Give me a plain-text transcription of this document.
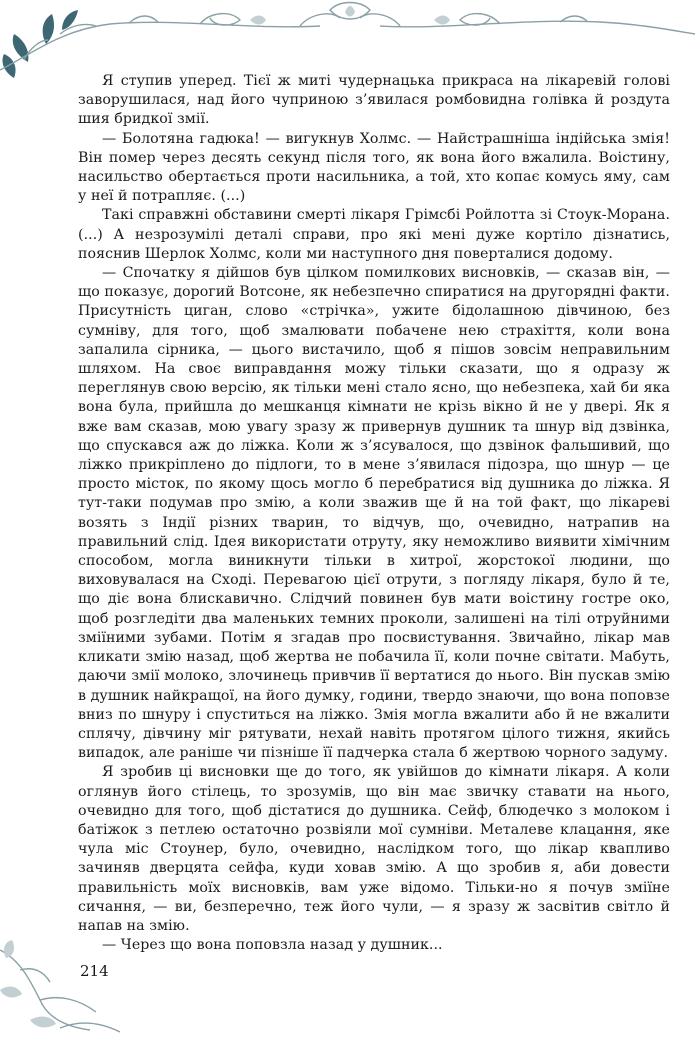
Я ступив уперед. Тієї ж миті чудернацька прикраса на лікаревій голові заворушилася, над його чуприною з’явилася ромбовидна голівка й роздута шия бридкої змії.

— Болотяна гадюка! — вигукнув Холмс. — Найстрашніша індійська змія! Він помер через десять секунд після того, як вона його вжалила. Воістину, насильство обертається проти насильника, а той, хто копає комусь яму, сам у неї й потрапляє. (...)

Такі справжні обставини смерті лікаря Грімсбі Ройлотта зі Стоук-Морана. (...) А незрозумілі деталі справи, про які мені дуже кортіло дізнатись, пояснив Шерлок Холмс, коли ми наступного дня поверталися додому.

— Спочатку я дійшов був цілком помилкових висновків, — сказав він, — що показує, дорогий Вотсоне, як небезпечно спиратися на другорядні факти. Присутність циган, слово «стрічка», ужите бідолашною дівчиною, без сумніву, для того, щоб змалювати побачене нею страхіття, коли вона запалила сірника, — цього вистачило, щоб я пішов зовсім неправильним шляхом. На своє виправдання можу тільки сказати, що я одразу ж переглянув свою версію, як тільки мені стало ясно, що небезпека, хай би яка вона була, прийшла до мешканця кімнати не крізь вікно й не у двері. Як я вже вам сказав, мою увагу зразу ж привернув душник та шнур від дзвінка, що спускався аж до ліжка. Коли ж з’ясувалося, що дзвінок фальшивий, що ліжко прикріплено до підлоги, то в мене з’явилася підозра, що шнур — це просто місток, по якому щось могло б перебратися від душника до ліжка. Я тут-таки подумав про змію, а коли зважив ще й на той факт, що лікареві возять з Індії різних тварин, то відчув, що, очевидно, натрапив на правильний слід. Ідея використати отруту, яку неможливо виявити хімічним способом, могла виникнути тільки в хитрої, жорстокої людини, що виховувалася на Сході. Перевагою цієї отрути, з погляду лікаря, було й те, що діє вона блискавично. Слідчий повинен був мати воістину гостре око, щоб розгледіти два маленьких темних проколи, залишені на тілі отруйними зміїними зубами. Потім я згадав про посвистування. Звичайно, лікар мав кликати змію назад, щоб жертва не побачила її, коли почне світати. Мабуть, даючи змії молоко, злочинець привчив її вертатися до нього. Він пускав змію в душник найкращої, на його думку, години, твердо знаючи, що вона поповзе вниз по шнуру і спуститься на ліжко. Змія могла вжалити або й не вжалити сплячу, дівчину міг рятувати, нехай навіть протягом цілого тижня, якийсь випадок, але раніше чи пізніше її падчерка стала б жертвою чорного задуму.

Я зробив ці висновки ще до того, як увійшов до кімнати лікаря. А коли оглянув його стілець, то зрозумів, що він має звичку ставати на нього, очевидно для того, щоб дістатися до душника. Сейф, блюдечко з молоком і батіжок з петлею остаточно розвіяли мої сумніви. Металеве клацання, яке чула міс Стоунер, було, очевидно, наслідком того, що лікар квапливо зачиняв дверцята сейфа, куди ховав змію. А що зробив я, аби довести правильність моїх висновків, вам уже відомо. Тільки-но я почув зміїне сичання, — ви, безперечно, теж його чули, — я зразу ж засвітив світло й напав на змію.

— Через що вона поповзла назад у душник...

214
